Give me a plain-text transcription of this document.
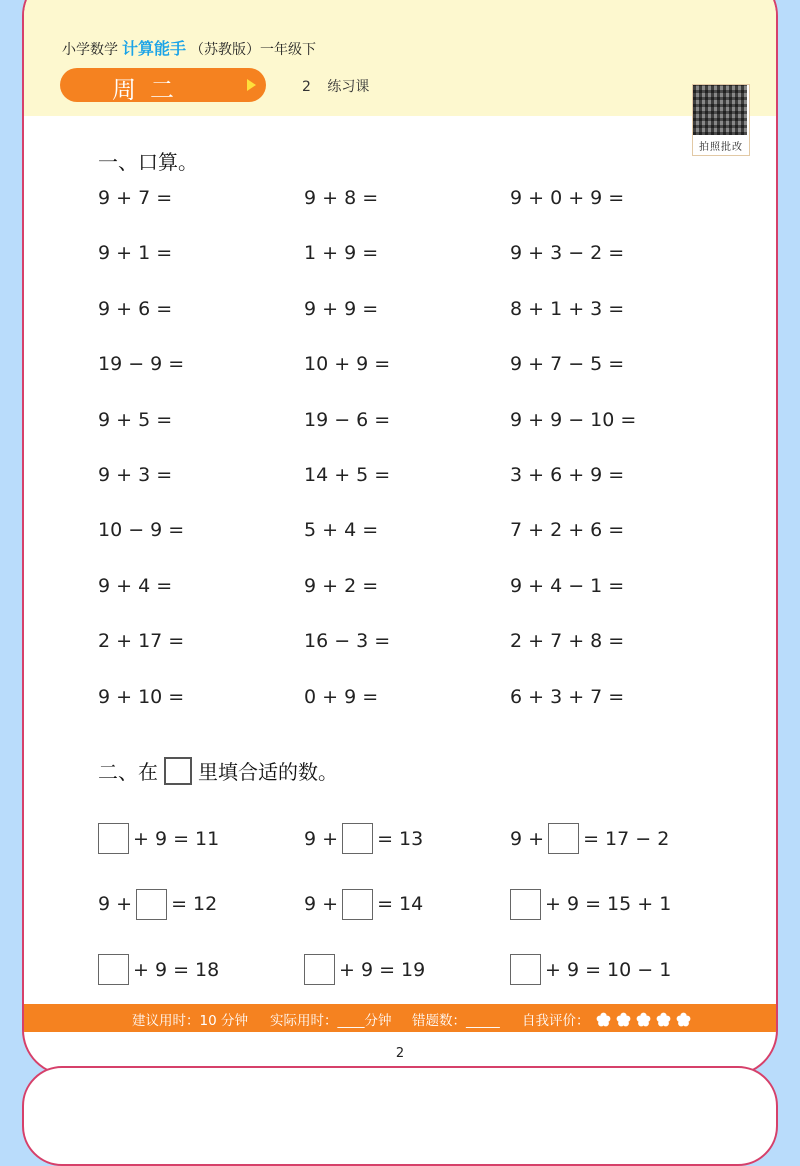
小学数学 计算能手 （苏教版）一年级下
周二	2 练习课
拍照批改
一、口算。
9 + 7 =	9 + 8 =	9 + 0 + 9 =
9 + 1 =	1 + 9 =	9 + 3 − 2 =
9 + 6 =	9 + 9 =	8 + 1 + 3 =
19 − 9 =	10 + 9 =	9 + 7 − 5 =
9 + 5 =	19 − 6 =	9 + 9 − 10 =
9 + 3 =	14 + 5 =	3 + 6 + 9 =
10 − 9 =	5 + 4 =	7 + 2 + 6 =
9 + 4 =	9 + 2 =	9 + 4 − 1 =
2 + 17 =	16 − 3 =	2 + 7 + 8 =
9 + 10 =	0 + 9 =	6 + 3 + 7 =
二、在 里填合适的数。
+ 9 = 11	9 + = 13	9 + = 17 − 2
9 + = 12	9 + = 14	+ 9 = 15 + 1
+ 9 = 18	+ 9 = 19	+ 9 = 10 − 1
建议用时：10 分钟 实际用时：____分钟 错题数：_____ 自我评价：
2
